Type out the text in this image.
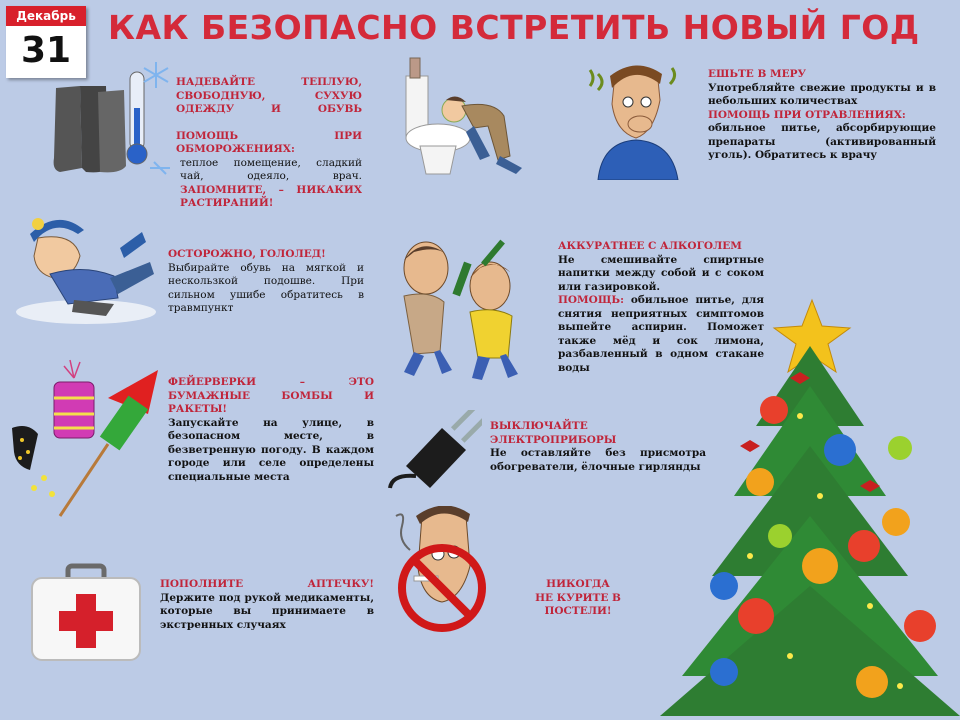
Декабрь
31
КАК БЕЗОПАСНО ВСТРЕТИТЬ НОВЫЙ ГОД
НАДЕВАЙТЕ ТЕПЛУЮ, СВОБОДНУЮ, СУХУЮ ОДЕЖДУ И ОБУВЬ
ПОМОЩЬ ПРИ ОБМОРОЖЕНИЯХ:
теплое помещение, сладкий чай, одеяло, врач. ЗАПОМНИТЕ, – НИКАКИХ РАСТИРАНИЙ!
ОСТОРОЖНО, ГОЛОЛЕД!
Выбирайте обувь на мягкой и нескользкой подошве. При сильном ушибе обратитесь в травмпункт
ФЕЙЕРВЕРКИ – ЭТО БУМАЖНЫЕ БОМБЫ И РАКЕТЫ!
Запускайте на улице, в безопасном месте, в безветренную погоду. В каждом городе или селе определены специальные места
ПОПОЛНИТЕ АПТЕЧКУ!
Держите под рукой медикаменты, которые вы принимаете в экстренных случаях
ЕШЬТЕ В МЕРУ
Употребляйте свежие продукты и в небольших количествах
ПОМОЩЬ ПРИ ОТРАВЛЕНИЯХ:
обильное питье, абсорбирующие препараты (активированный уголь). Обратитесь к врачу
АККУРАТНЕЕ С АЛКОГОЛЕМ
Не смешивайте спиртные напитки между собой и с соком или газировкой.
ПОМОЩЬ: обильное питье, для снятия неприятных симптомов выпейте аспирин. Поможет также мёд и сок лимона, разбавленный в одном стакане воды
ВЫКЛЮЧАЙТЕ ЭЛЕКТРОПРИБОРЫ
Не оставляйте без присмотра обогреватели, ёлочные гирлянды
НИКОГДА
НЕ КУРИТЕ В ПОСТЕЛИ!
